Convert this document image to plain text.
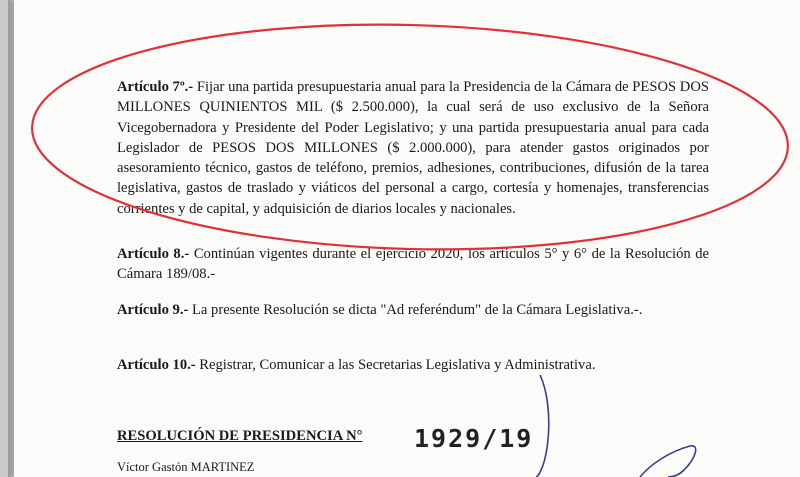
Artículo 7º.- Fijar una partida presupuestaria anual para la Presidencia de la Cámara de PESOS DOS MILLONES QUINIENTOS MIL ($ 2.500.000), la cual será de uso exclusivo de la Señora Vicegobernadora y Presidente del Poder Legislativo; y una partida presupuestaria anual para cada Legislador de PESOS DOS MILLONES ($ 2.000.000), para atender gastos originados por asesoramiento técnico, gastos de teléfono, premios, adhesiones, contribuciones, difusión de la tarea legislativa, gastos de traslado y viáticos del personal a cargo, cortesía y homenajes, transferencias corrientes y de capital, y adquisición de diarios locales y nacionales.
Artículo 8.- Continúan vigentes durante el ejercicio 2020, los artículos 5° y 6° de la Resolución de Cámara 189/08.-
Artículo 9.- La presente Resolución se dicta "Ad referéndum" de la Cámara Legislativa.-.
Artículo 10.- Registrar, Comunicar a las Secretarias Legislativa y Administrativa.
RESOLUCIÓN DE PRESIDENCIA N° 1929/19
Víctor Gastón MARTINEZ
